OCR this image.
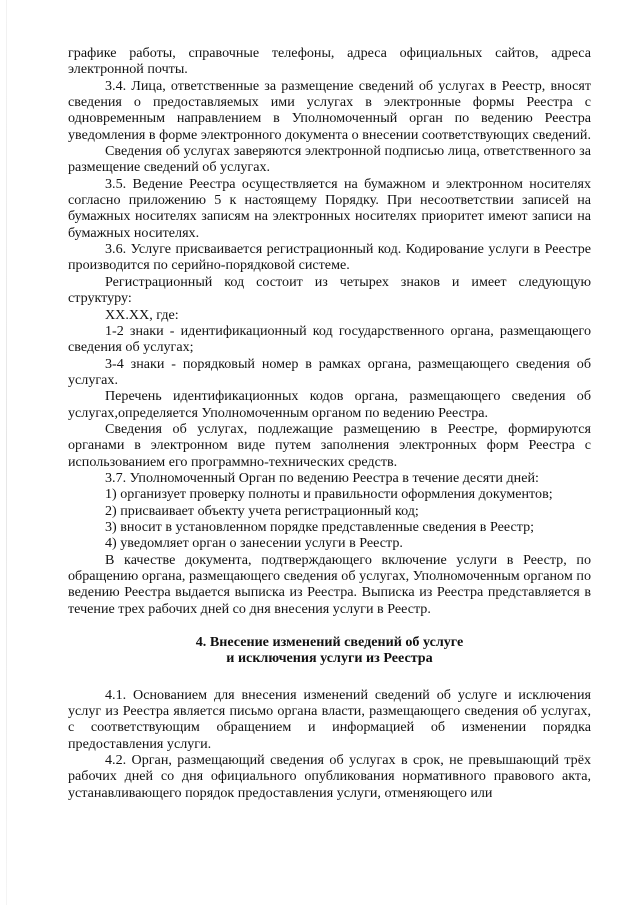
графике работы, справочные телефоны, адреса официальных сайтов, адреса электронной почты.

3.4. Лица, ответственные за размещение сведений об услугах в Реестр, вносят сведения о предоставляемых ими услугах в электронные формы Реестра с одновременным направлением в Уполномоченный орган по ведению Реестра уведомления в форме электронного документа о внесении соответствующих сведений.

Сведения об услугах заверяются электронной подписью лица, ответственного за размещение сведений об услугах.

3.5. Ведение Реестра осуществляется на бумажном и электронном носителях согласно приложению 5 к настоящему Порядку. При несоответствии записей на бумажных носителях записям на электронных носителях приоритет имеют записи на бумажных носителях.

3.6. Услуге присваивается регистрационный код. Кодирование услуги в Реестре производится по серийно-порядковой системе.

Регистрационный код состоит из четырех знаков и имеет следующую структуру:

XX.XX, где:

1-2 знаки - идентификационный код государственного органа, размещающего сведения об услугах;

3-4 знаки - порядковый номер в рамках органа, размещающего сведения об услугах.

Перечень идентификационных кодов органа, размещающего сведения об услугах,определяется Уполномоченным органом по ведению Реестра.

Сведения об услугах, подлежащие размещению в Реестре, формируются органами в электронном виде путем заполнения электронных форм Реестра с использованием его программно-технических средств.

3.7. Уполномоченный Орган по ведению Реестра в течение десяти дней:

1) организует проверку полноты и правильности оформления документов;

2) присваивает объекту учета регистрационный код;

3) вносит в установленном порядке представленные сведения в Реестр;

4) уведомляет орган о занесении услуги в Реестр.

В качестве документа, подтверждающего включение услуги в Реестр, по обращению органа, размещающего сведения об услугах, Уполномоченным органом по ведению Реестра выдается выписка из Реестра. Выписка из Реестра представляется в течение трех рабочих дней со дня внесения услуги в Реестр.

4. Внесение изменений сведений об услуге

и исключения услуги из Реестра

4.1. Основанием для внесения изменений сведений об услуге и исключения услуг из Реестра является письмо органа власти, размещающего сведения об услугах, с соответствующим обращением и информацией об изменении порядка предоставления услуги.

4.2. Орган, размещающий сведения об услугах в срок, не превышающий трёх рабочих дней со дня официального опубликования нормативного правового акта, устанавливающего порядок предоставления услуги, отменяющего или
